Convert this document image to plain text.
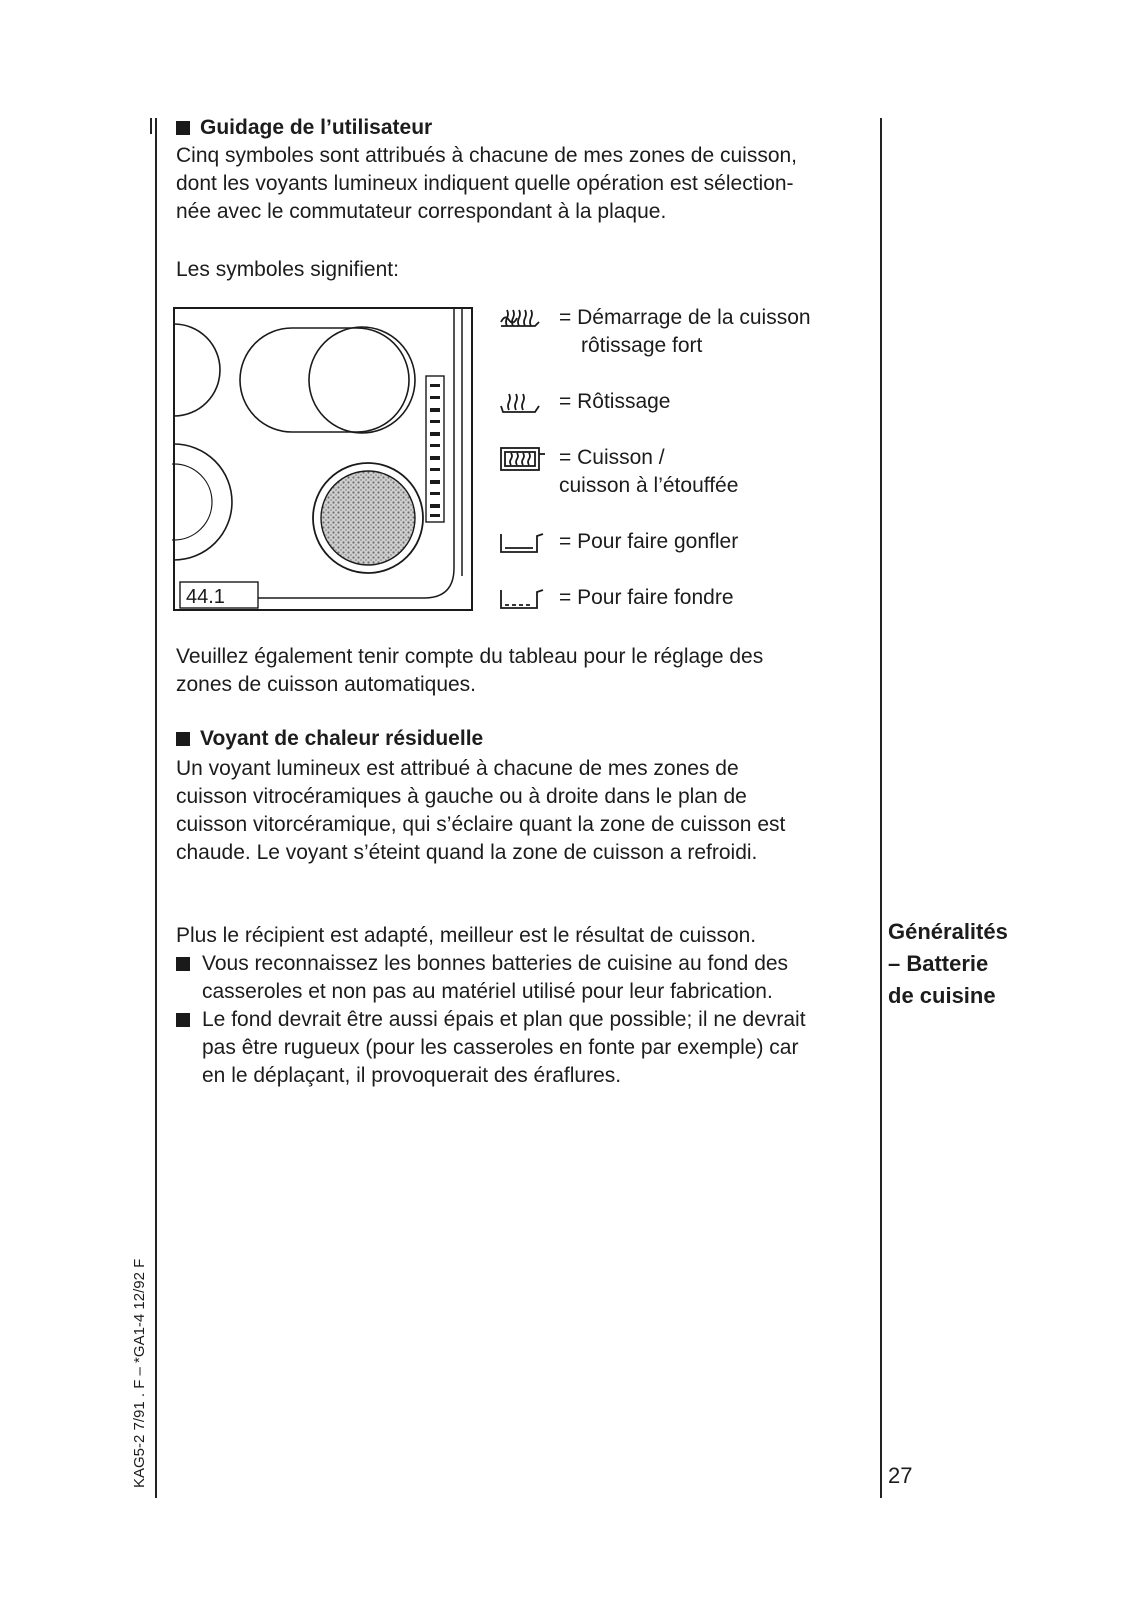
Guidage de l’utilisateur
Cinq symboles sont attribués à chacune de mes zones de cuisson,
dont les voyants lumineux indiquent quelle opération est sélection-
née avec le commutateur correspondant à la plaque.
Les symboles signifient:
44.1
= Démarrage de la cuisson
rôtissage fort
= Rôtissage
= Cuisson /
cuisson à l’étouffée
= Pour faire gonfler
= Pour faire fondre
Veuillez également tenir compte du tableau pour le réglage des
zones de cuisson automatiques.
Voyant de chaleur résiduelle
Un voyant lumineux est attribué à chacune de mes zones de
cuisson vitrocéramiques à gauche ou à droite dans le plan de
cuisson vitorcéramique, qui s’éclaire quant la zone de cuisson est
chaude. Le voyant s’éteint quand la zone de cuisson a refroidi.
Plus le récipient est adapté, meilleur est le résultat de cuisson.
Vous reconnaissez les bonnes batteries de cuisine au fond des
casseroles et non pas au matériel utilisé pour leur fabrication.
Le fond devrait être aussi épais et plan que possible; il ne devrait
pas être rugueux (pour les casseroles en fonte par exemple) car
en le déplaçant, il provoquerait des éraflures.
Généralités
– Batterie
de cuisine
27
KAG5-2 7/91 . F – *GA1-4 12/92 F
